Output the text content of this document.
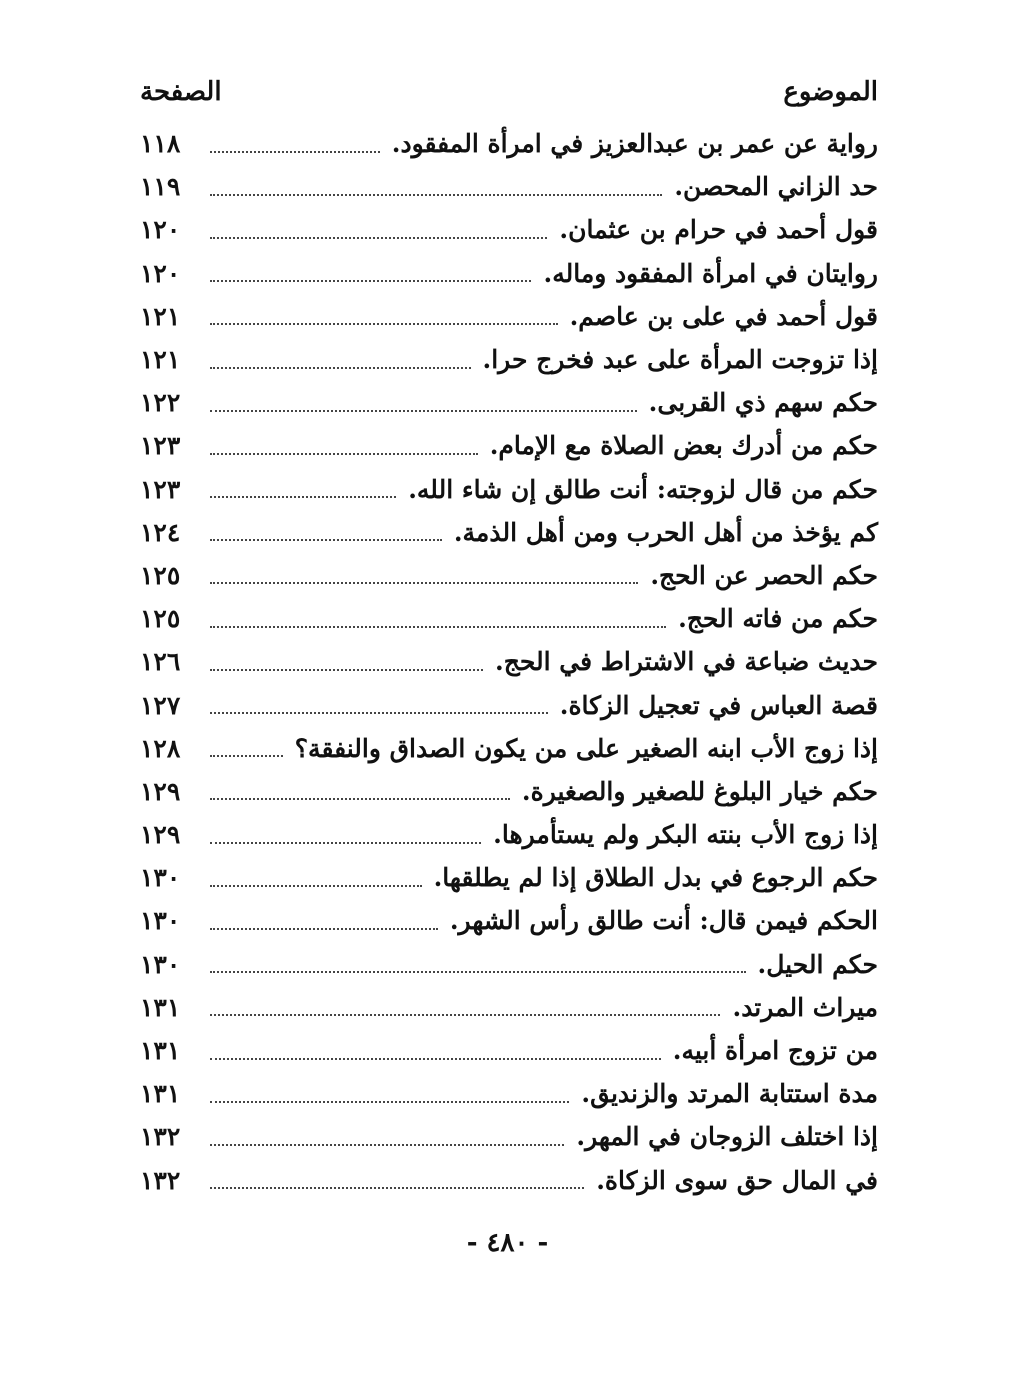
الموضوع
الصفحة
رواية عن عمر بن عبدالعزيز في امرأة المفقود.
١١٨
حد الزاني المحصن.
١١٩
قول أحمد في حرام بن عثمان.
١٢٠
روايتان في امرأة المفقود وماله.
١٢٠
قول أحمد في على بن عاصم.
١٢١
إذا تزوجت المرأة على عبد فخرج حرا.
١٢١
حكم سهم ذي القربى.
١٢٢
حكم من أدرك بعض الصلاة مع الإمام.
١٢٣
حكم من قال لزوجته: أنت طالق إن شاء الله.
١٢٣
كم يؤخذ من أهل الحرب ومن أهل الذمة.
١٢٤
حكم الحصر عن الحج.
١٢٥
حكم من فاته الحج.
١٢٥
حديث ضباعة في الاشتراط في الحج.
١٢٦
قصة العباس في تعجيل الزكاة.
١٢٧
إذا زوج الأب ابنه الصغير على من يكون الصداق والنفقة؟
١٢٨
حكم خيار البلوغ للصغير والصغيرة.
١٢٩
إذا زوج الأب بنته البكر ولم يستأمرها.
١٢٩
حكم الرجوع في بدل الطلاق إذا لم يطلقها.
١٣٠
الحكم فيمن قال: أنت طالق رأس الشهر.
١٣٠
حكم الحيل.
١٣٠
ميراث المرتد.
١٣١
من تزوج امرأة أبيه.
١٣١
مدة استتابة المرتد والزنديق.
١٣١
إذا اختلف الزوجان في المهر.
١٣٢
في المال حق سوى الزكاة.
١٣٢
- ٤٨٠ -
